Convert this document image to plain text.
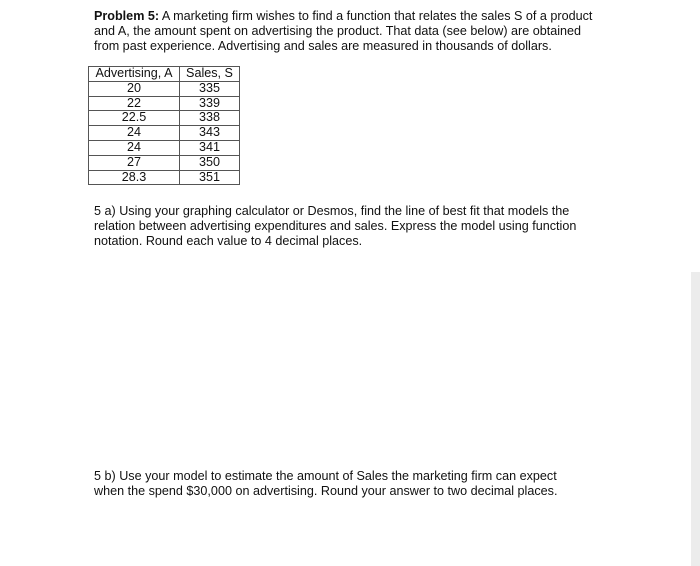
Problem 5: A marketing firm wishes to find a function that relates the sales S of a product and A, the amount spent on advertising the product. That data (see below) are obtained from past experience. Advertising and sales are measured in thousands of dollars.

Advertising, A	Sales, S
20	335
22	339
22.5	338
24	343
24	341
27	350
28.3	351

5 a) Using your graphing calculator or Desmos, find the line of best fit that models the relation between advertising expenditures and sales. Express the model using function notation. Round each value to 4 decimal places.

5 b) Use your model to estimate the amount of Sales the marketing firm can expect when the spend $30,000 on advertising. Round your answer to two decimal places.
